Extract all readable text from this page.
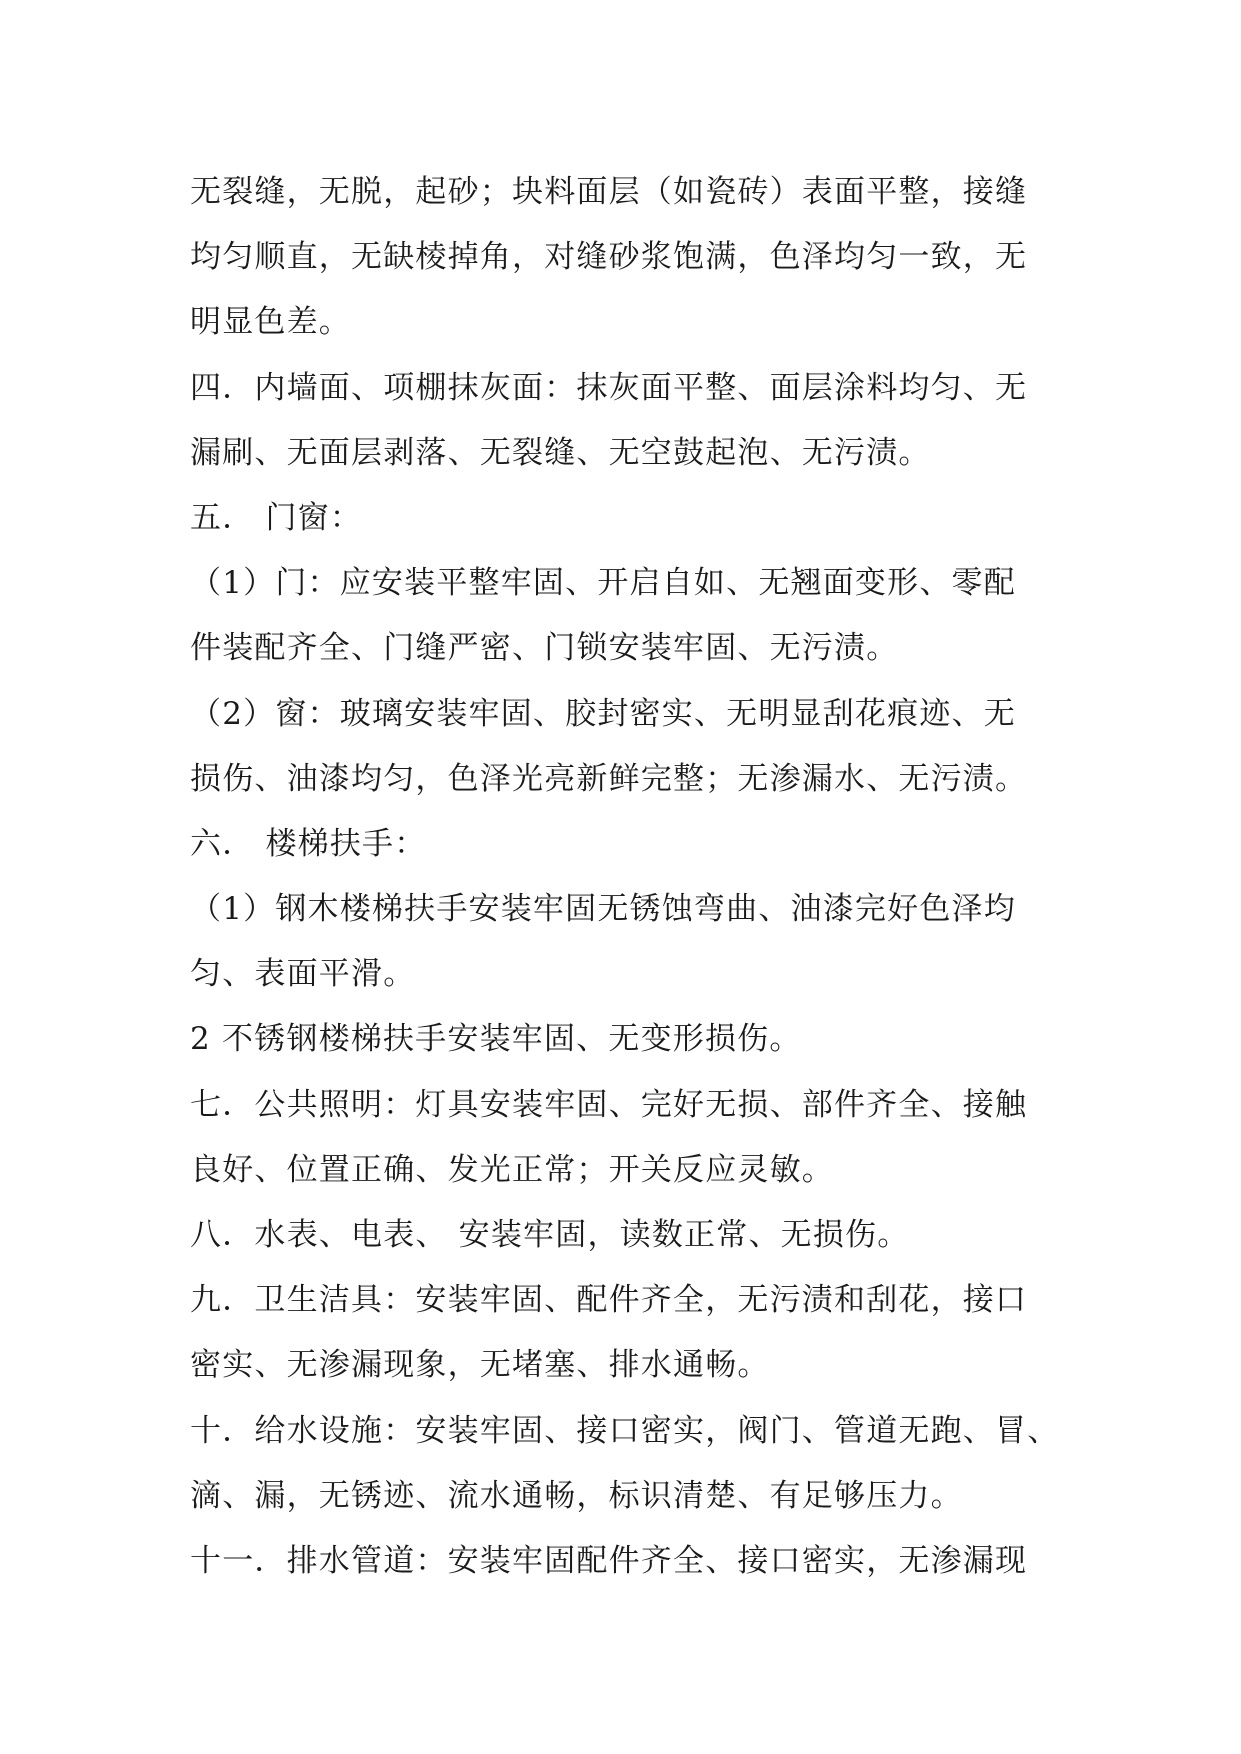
无裂缝，无脱，起砂；块料面层（如瓷砖）表面平整，接缝
均匀顺直，无缺棱掉角，对缝砂浆饱满，色泽均匀一致，无
明显色差。
四．内墙面、项棚抹灰面：抹灰面平整、面层涂料均匀、无
漏刷、无面层剥落、无裂缝、无空鼓起泡、无污渍。
五． 门窗：
（1）门：应安装平整牢固、开启自如、无翘面变形、零配
件装配齐全、门缝严密、门锁安装牢固、无污渍。
（2）窗：玻璃安装牢固、胶封密实、无明显刮花痕迹、无
损伤、油漆均匀，色泽光亮新鲜完整；无渗漏水、无污渍。
六． 楼梯扶手：
（1）钢木楼梯扶手安装牢固无锈蚀弯曲、油漆完好色泽均
匀、表面平滑。
2 不锈钢楼梯扶手安装牢固、无变形损伤。
七．公共照明：灯具安装牢固、完好无损、部件齐全、接触
良好、位置正确、发光正常；开关反应灵敏。
八．水表、电表、 安装牢固，读数正常、无损伤。
九．卫生洁具：安装牢固、配件齐全，无污渍和刮花，接口
密实、无渗漏现象，无堵塞、排水通畅。
十．给水设施：安装牢固、接口密实，阀门、管道无跑、冒、
滴、漏，无锈迹、流水通畅，标识清楚、有足够压力。
十一．排水管道：安装牢固配件齐全、接口密实，无渗漏现
